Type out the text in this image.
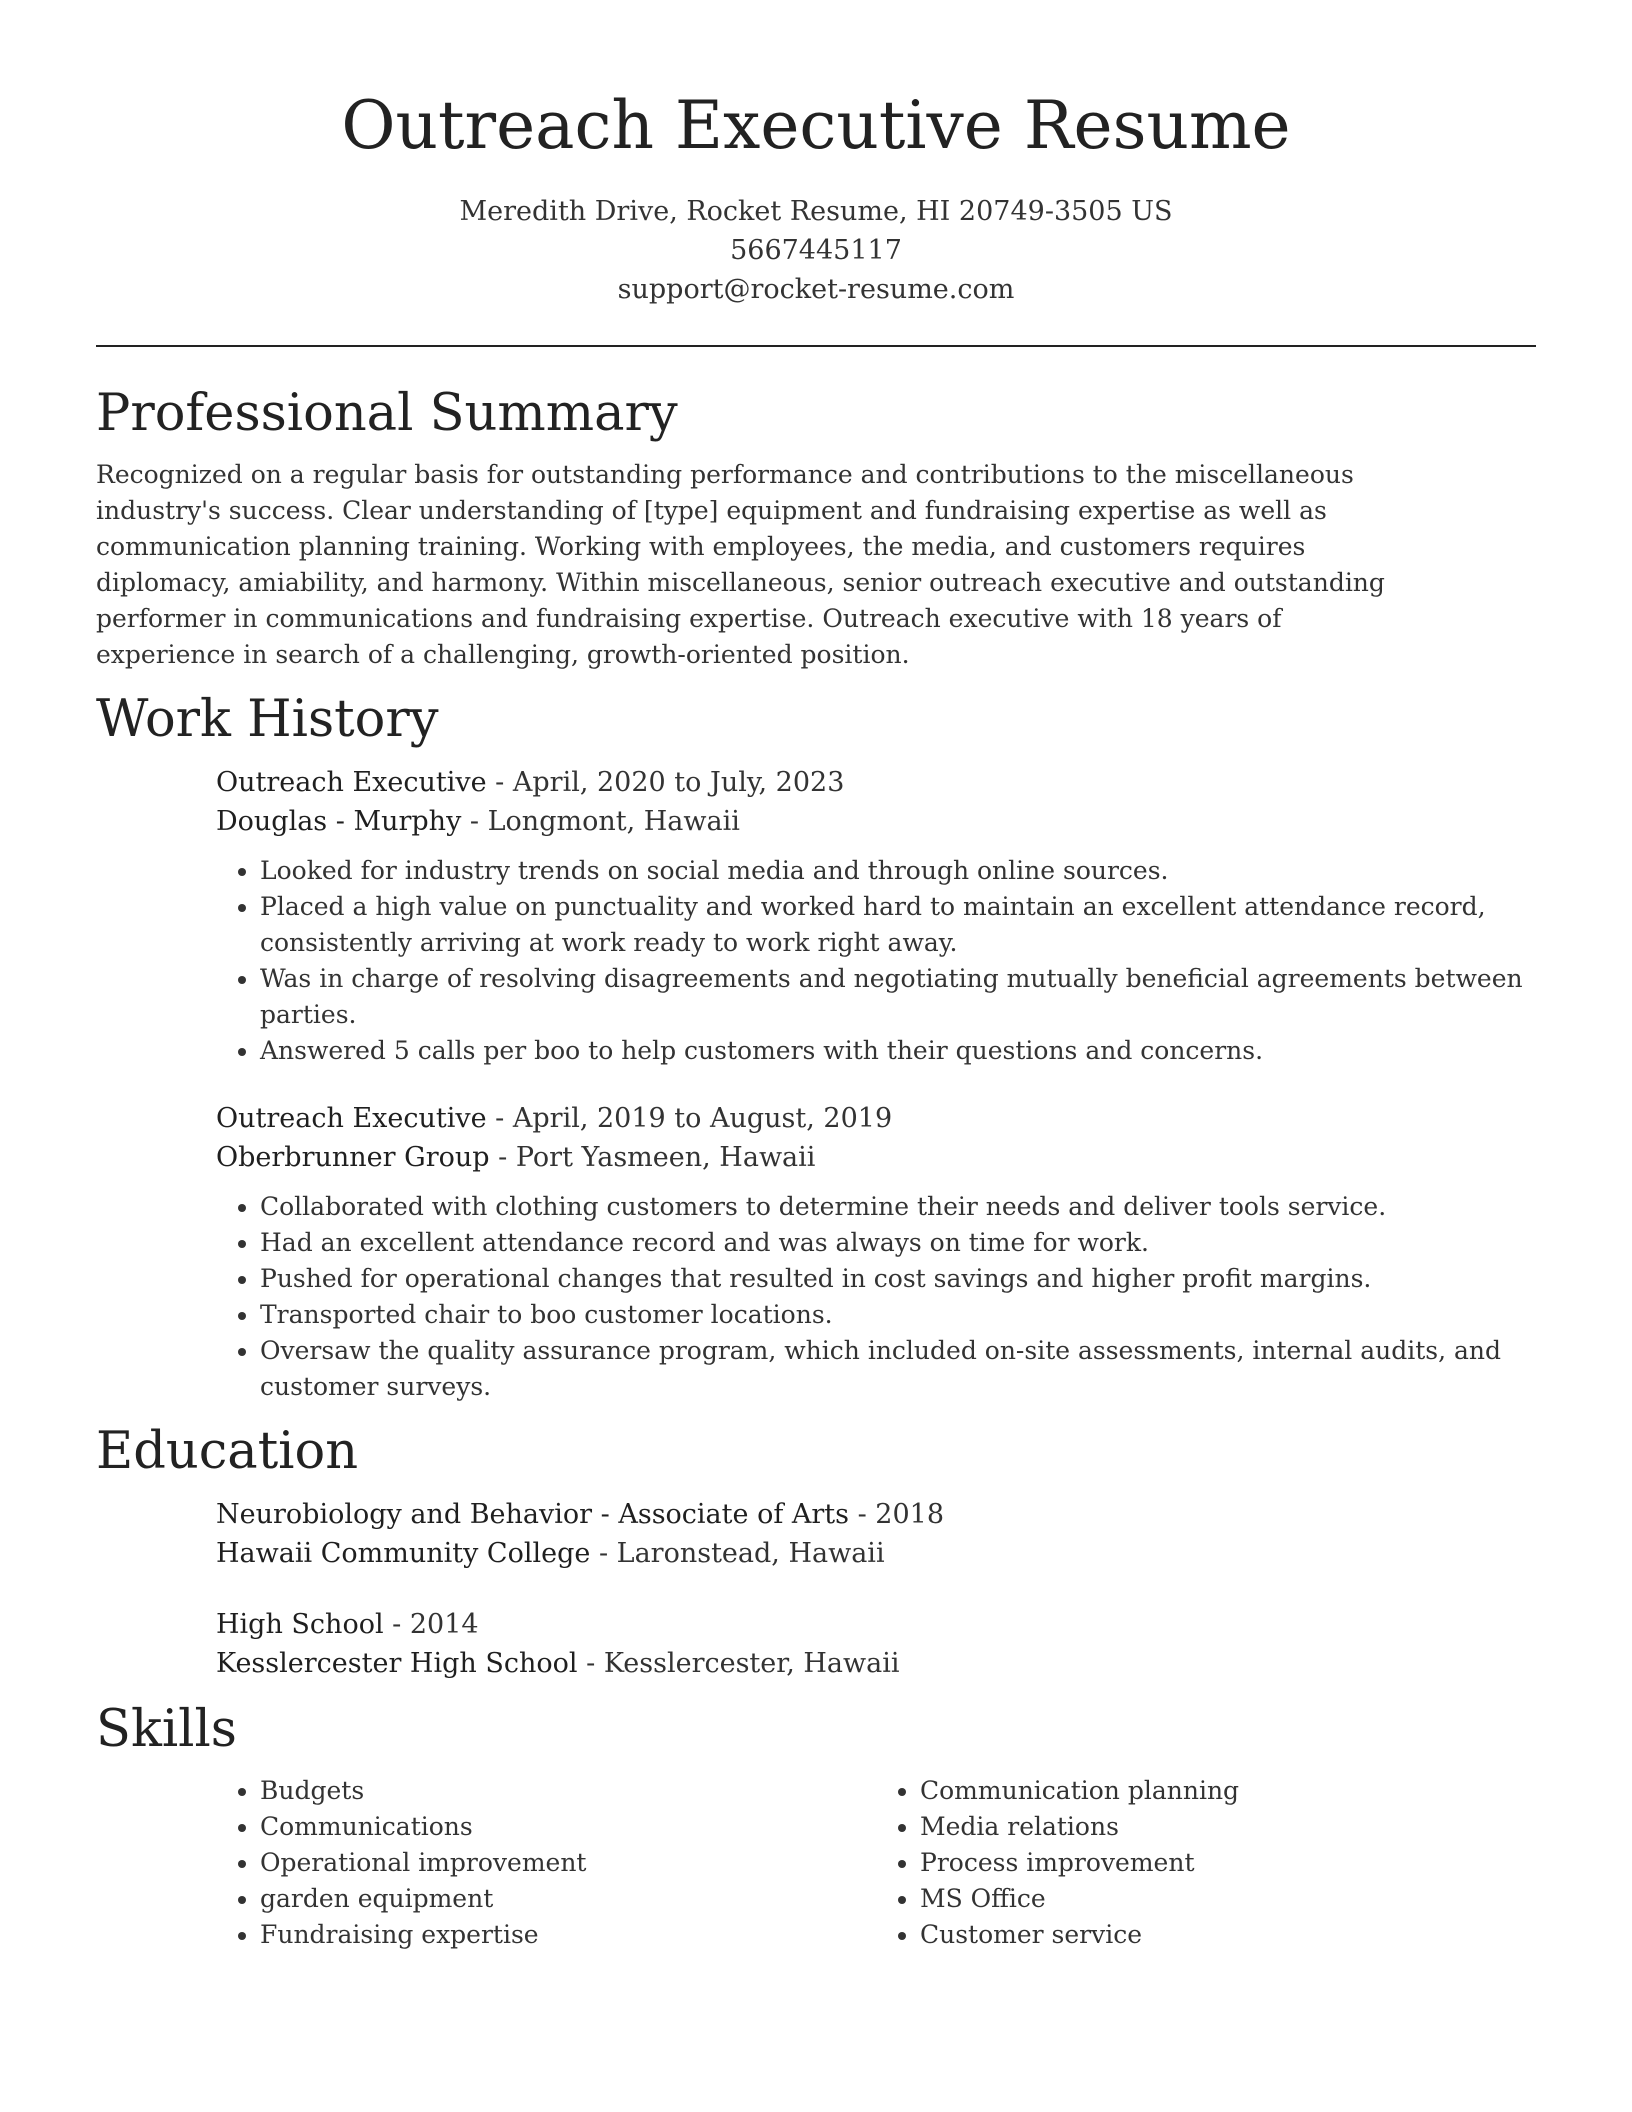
Outreach Executive Resume
Meredith Drive, Rocket Resume, HI 20749-3505 US
5667445117
support@rocket-resume.com
Professional Summary

Recognized on a regular basis for outstanding performance and contributions to the miscellaneous industry's success. Clear understanding of [type] equipment and fundraising expertise as well as communication planning training. Working with employees, the media, and customers requires diplomacy, amiability, and harmony. Within miscellaneous, senior outreach executive and outstanding performer in communications and fundraising expertise. Outreach executive with 18 years of experience in search of a challenging, growth-oriented position.

Work History
Outreach Executive - April, 2020 to July, 2023
Douglas - Murphy - Longmont, Hawaii
• Looked for industry trends on social media and through online sources.
• Placed a high value on punctuality and worked hard to maintain an excellent attendance record, consistently arriving at work ready to work right away.
• Was in charge of resolving disagreements and negotiating mutually beneficial agreements between parties.
• Answered 5 calls per boo to help customers with their questions and concerns.
Outreach Executive - April, 2019 to August, 2019
Oberbrunner Group - Port Yasmeen, Hawaii
• Collaborated with clothing customers to determine their needs and deliver tools service.
• Had an excellent attendance record and was always on time for work.
• Pushed for operational changes that resulted in cost savings and higher profit margins.
• Transported chair to boo customer locations.
• Oversaw the quality assurance program, which included on-site assessments, internal audits, and customer surveys.
Education
Neurobiology and Behavior - Associate of Arts - 2018
Hawaii Community College - Laronstead, Hawaii
High School - 2014
Kesslercester High School - Kesslercester, Hawaii
Skills
• Budgets
• Communications
• Operational improvement
• garden equipment
• Fundraising expertise
• Communication planning
• Media relations
• Process improvement
• MS Office
• Customer service
